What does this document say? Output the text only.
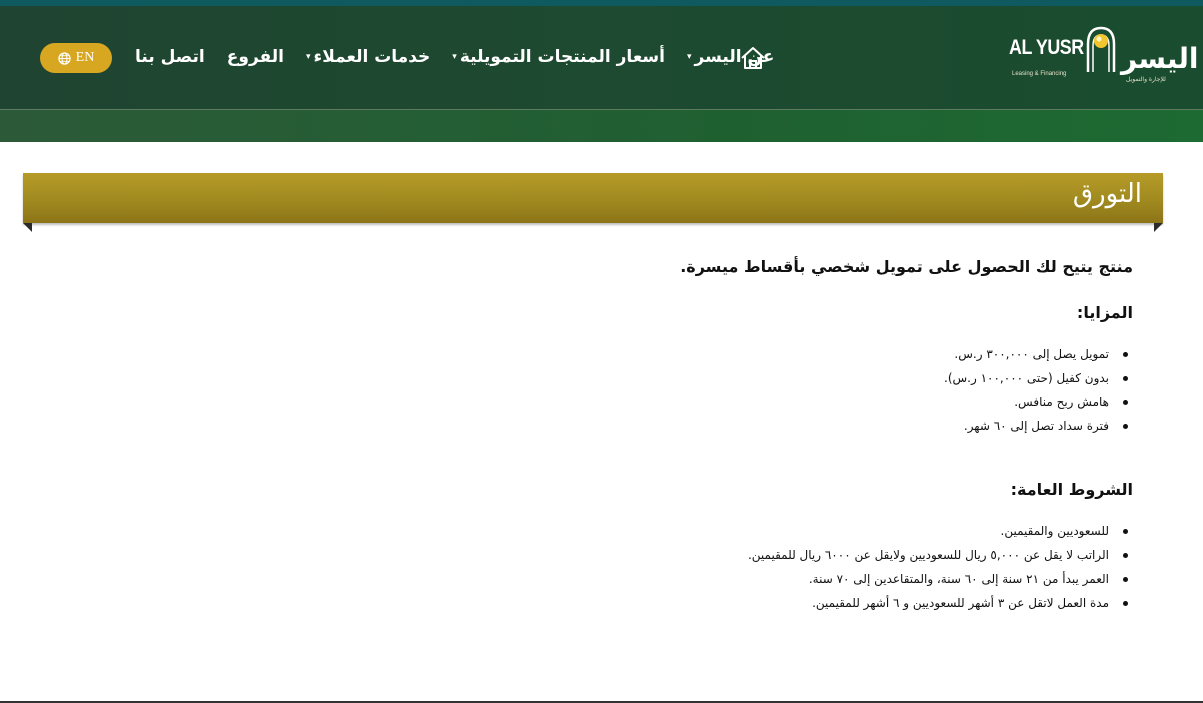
AL YUSR
Leasing & Financing اليسر
للإجارة والتمويل
عن اليسر
▾
أسعار المنتجات التمويلية
▾
خدمات العملاء
▾
الفروع
اتصل بنا
EN
التورق

منتج يتيح لك الحصول على تمويل شخصي بأقساط ميسرة.

المزايا:

تمويل يصل إلى ٣٠٠,٠٠٠ ر.س.
بدون كفيل (حتى ١٠٠,٠٠٠ ر.س).
هامش ربح منافس.
فترة سداد تصل إلى ٦٠ شهر.

الشروط العامة:

للسعوديين والمقيمين.
الراتب لا يقل عن ٥,٠٠٠ ريال للسعوديين ولايقل عن ٦٠٠٠ ريال للمقيمين.
العمر يبدأ من ٢١ سنة إلى ٦٠ سنة، والمتقاعدين إلى ٧٠ سنة.
مدة العمل لاتقل عن ٣ أشهر للسعوديين و ٦ أشهر للمقيمين.
